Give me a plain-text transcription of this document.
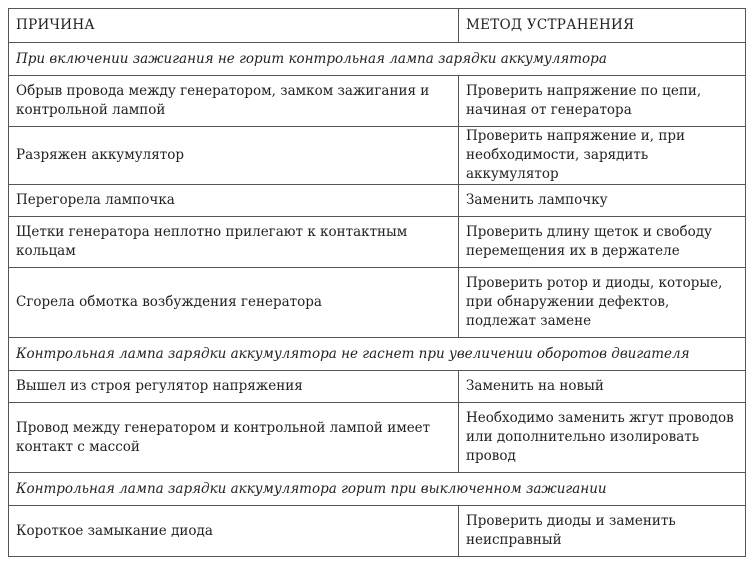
ПРИЧИНА	МЕТОД УСТРАНЕНИЯ
При включении зажигания не горит контрольная лампа зарядки аккумулятора	
Обрыв провода между генератором, замком зажигания и контрольной лампой	Проверить напряжение по цепи, начиная от генератора
Разряжен аккумулятор	Проверить напряжение и, при необходимости, зарядить аккумулятор
Перегорела лампочка	Заменить лампочку
Щетки генератора неплотно прилегают к контактным кольцам	Проверить длину щеток и свободу перемещения их в держателе
Сгорела обмотка возбуждения генератора	Проверить ротор и диоды, которые, при обнаружении дефектов, подлежат замене
Контрольная лампа зарядки аккумулятора не гаснет при увеличении оборотов двигателя	
Вышел из строя регулятор напряжения	Заменить на новый
Провод между генератором и контрольной лампой имеет контакт с массой	Необходимо заменить жгут проводов или дополнительно изолировать провод
Контрольная лампа зарядки аккумулятора горит при выключенном зажигании	
Короткое замыкание диода	Проверить диоды и заменить неисправный
